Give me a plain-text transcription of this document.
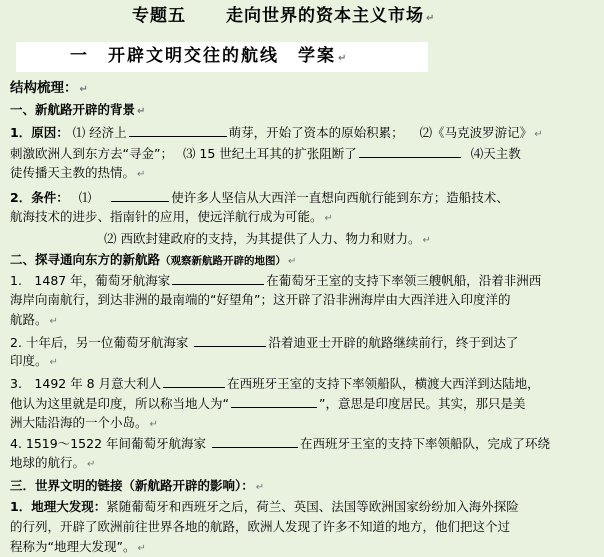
专题五 走向世界的资本主义市场 ↵
一　开辟文明交往的航线　学案 ↵
结构梳理： ↵
一、新航路开辟的背景 ↵
1．原因： ⑴ 经济上	萌芽，开始了资本的原始积累； ⑵《马克波罗游记》 ↵
刺激欧洲人到东方去“寻金”； ⑶ 15 世纪土耳其的扩张阻断了	⑷天主教
徒传播天主教的热情。 ↵
2．条件： ⑴	使许多人坚信从大西洋一直想向西航行能到东方；造船技术、
航海技术的进步、指南针的应用，使远洋航行成为可能。 ↵
⑵ 西欧封建政府的支持，为其提供了人力、物力和财力。 ↵
二、探寻通向东方的新航路（观察新航路开辟的地图） ↵
1.　1487 年，葡萄牙航海家	在葡萄牙王室的支持下率领三艘帆船，沿着非洲西
海岸向南航行，到达非洲的最南端的“好望角”；这开辟了沿非洲海岸由大西洋进入印度洋的
航路。 ↵
2. 十年后，另一位葡萄牙航海家	沿着迪亚士开辟的航路继续前行，终于到达了
印度。 ↵
3.　1492 年 8 月意大利人	在西班牙王室的支持下率领船队，横渡大西洋到达陆地，
他认为这里就是印度，所以称当地人为“	”，意思是印度居民。其实，那只是美
洲大陆沿海的一个小岛。 ↵
4. 1519～1522 年间葡萄牙航海家	在西班牙王室的支持下率领船队，完成了环绕
地球的航行。 ↵
三．世界文明的链接（新航路开辟的影响）： ↵
1．地理大发现：紧随葡萄牙和西班牙之后，荷兰、英国、法国等欧洲国家纷纷加入海外探险
的行列，开辟了欧洲前往世界各地的航路，欧洲人发现了许多不知道的地方，他们把这个过
程称为“地理大发现”。 ↵
